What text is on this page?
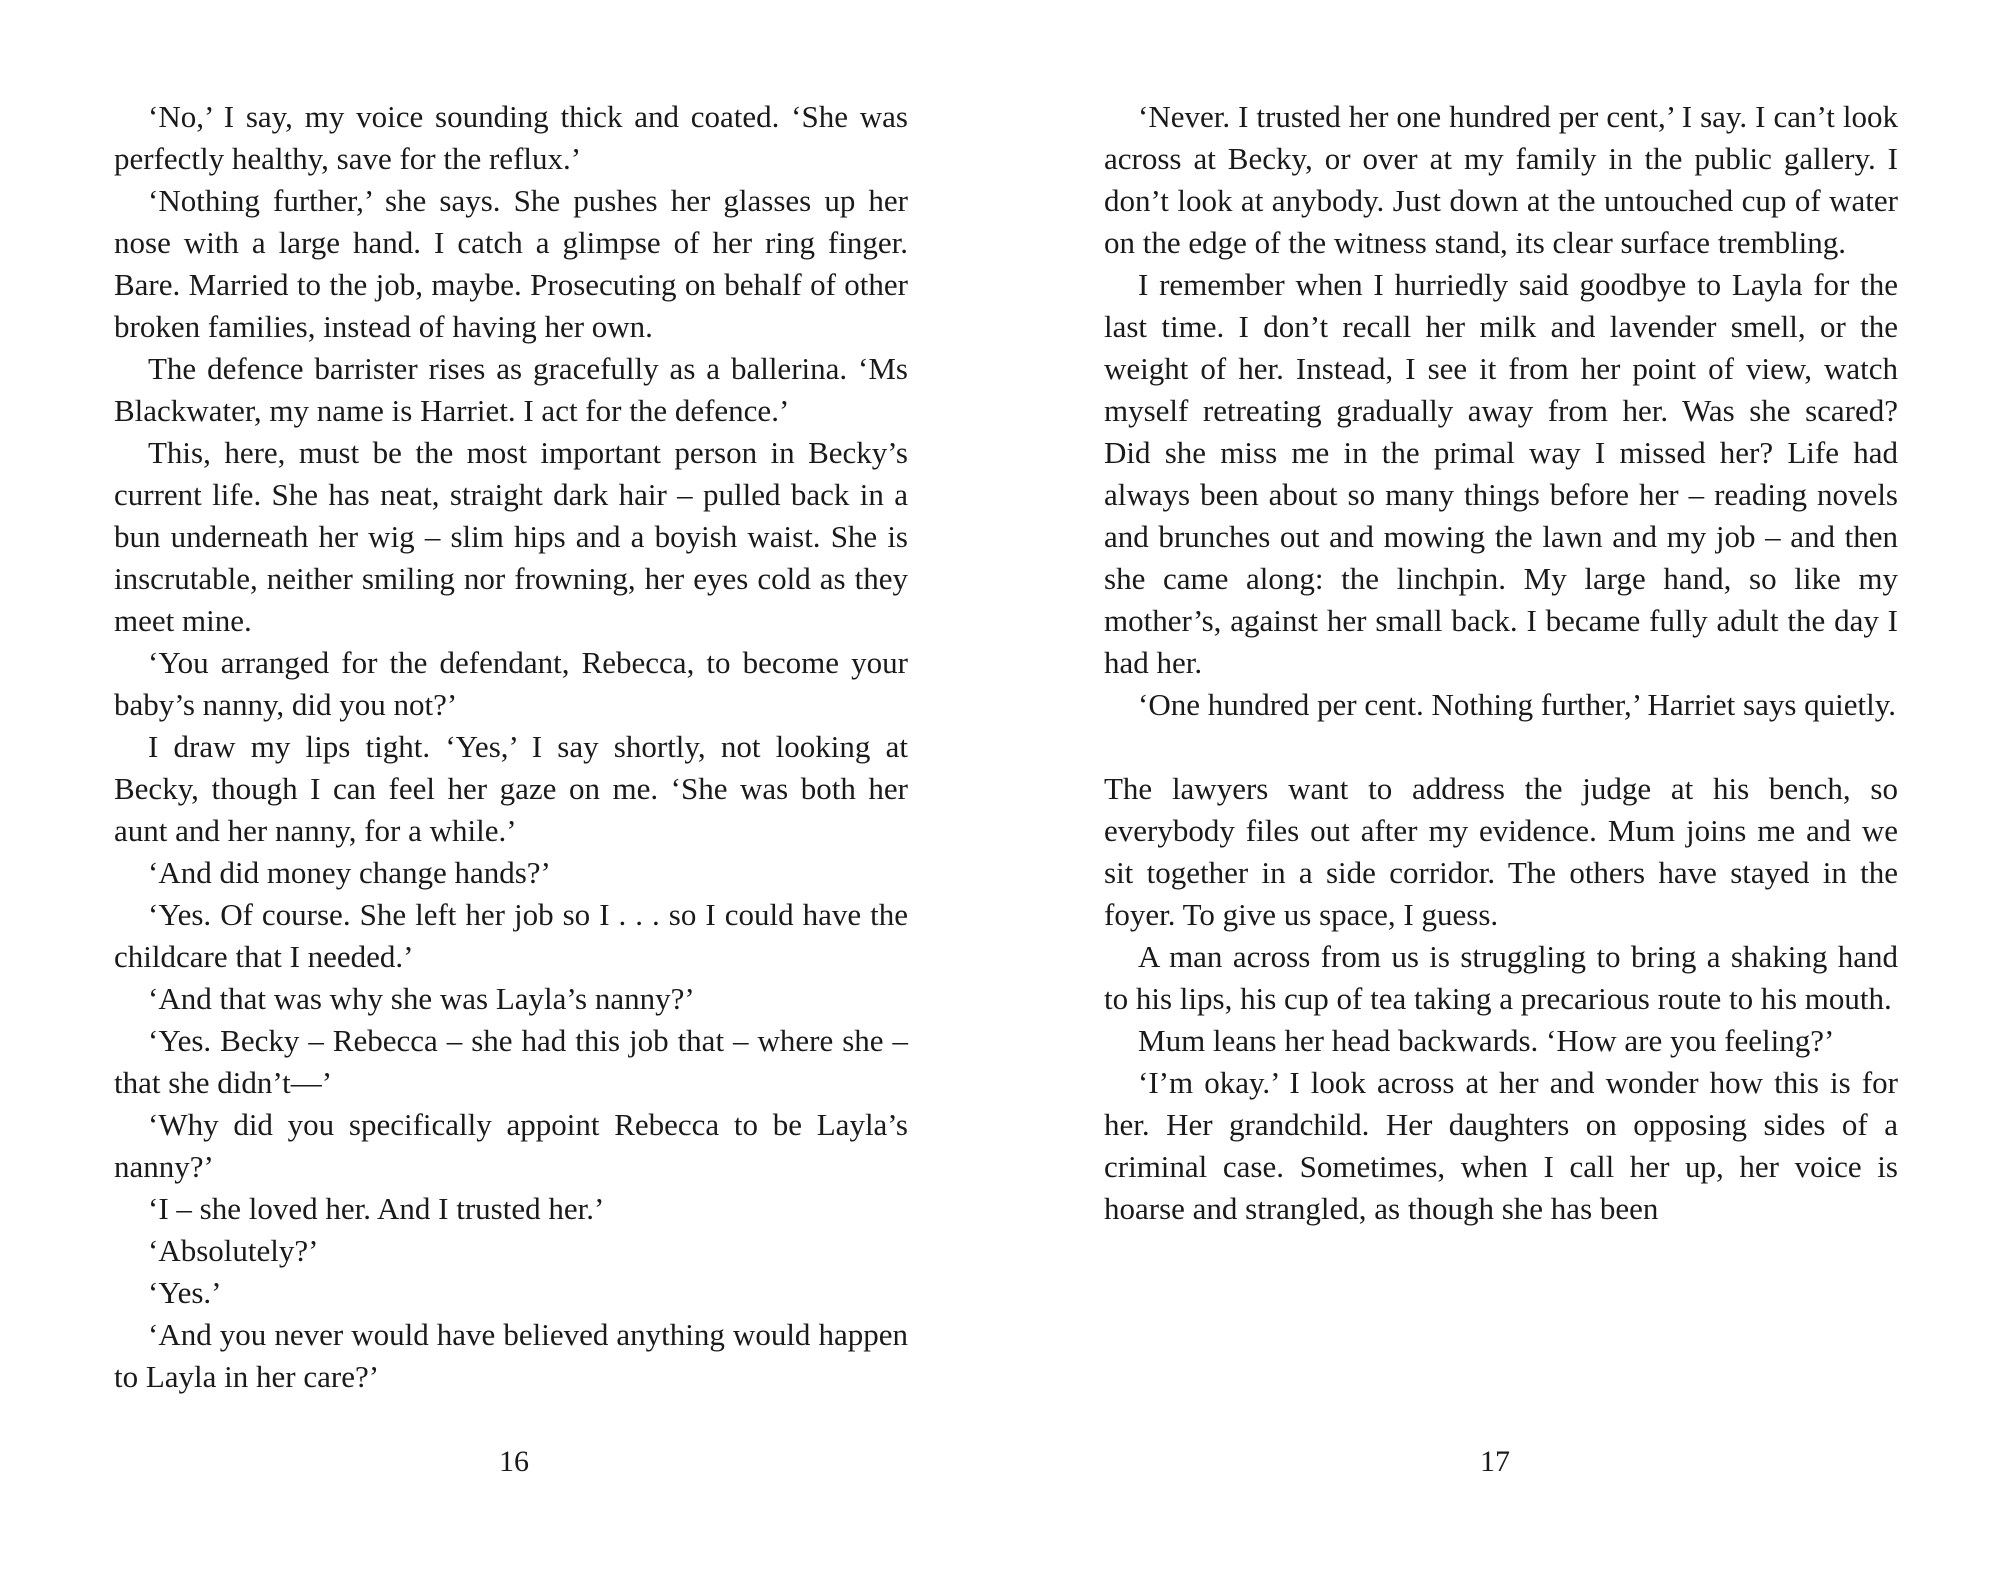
‘No,’ I say, my voice sounding thick and coated. ‘She was perfectly healthy, save for the reflux.’

‘Nothing further,’ she says. She pushes her glasses up her nose with a large hand. I catch a glimpse of her ring finger. Bare. Married to the job, maybe. Prosecuting on behalf of other broken families, instead of having her own.

The defence barrister rises as gracefully as a ballerina. ‘Ms Blackwater, my name is Harriet. I act for the defence.’

This, here, must be the most important person in Becky’s current life. She has neat, straight dark hair – pulled back in a bun underneath her wig – slim hips and a boyish waist. She is inscrutable, neither smiling nor frowning, her eyes cold as they meet mine.

‘You arranged for the defendant, Rebecca, to become your baby’s nanny, did you not?’

I draw my lips tight. ‘Yes,’ I say shortly, not looking at Becky, though I can feel her gaze on me. ‘She was both her aunt and her nanny, for a while.’

‘And did money change hands?’

‘Yes. Of course. She left her job so I . . . so I could have the childcare that I needed.’

‘And that was why she was Layla’s nanny?’

‘Yes. Becky – Rebecca – she had this job that – where she – that she didn’t—’

‘Why did you specifically appoint Rebecca to be Layla’s nanny?’

‘I – she loved her. And I trusted her.’

‘Absolutely?’

‘Yes.’

‘And you never would have believed anything would happen to Layla in her care?’

16

‘Never. I trusted her one hundred per cent,’ I say. I can’t look across at Becky, or over at my family in the public gallery. I don’t look at anybody. Just down at the untouched cup of water on the edge of the witness stand, its clear surface trembling.

I remember when I hurriedly said goodbye to Layla for the last time. I don’t recall her milk and lavender smell, or the weight of her. Instead, I see it from her point of view, watch myself retreating gradually away from her. Was she scared? Did she miss me in the primal way I missed her? Life had always been about so many things before her – reading novels and brunches out and mowing the lawn and my job – and then she came along: the linchpin. My large hand, so like my mother’s, against her small back. I became fully adult the day I had her.

‘One hundred per cent. Nothing further,’ Harriet says quietly.

The lawyers want to address the judge at his bench, so everybody files out after my evidence. Mum joins me and we sit together in a side corridor. The others have stayed in the foyer. To give us space, I guess.

A man across from us is struggling to bring a shaking hand to his lips, his cup of tea taking a precarious route to his mouth.

Mum leans her head backwards. ‘How are you feeling?’

‘I’m okay.’ I look across at her and wonder how this is for her. Her grandchild. Her daughters on opposing sides of a criminal case. Sometimes, when I call her up, her voice is hoarse and strangled, as though she has been

17
